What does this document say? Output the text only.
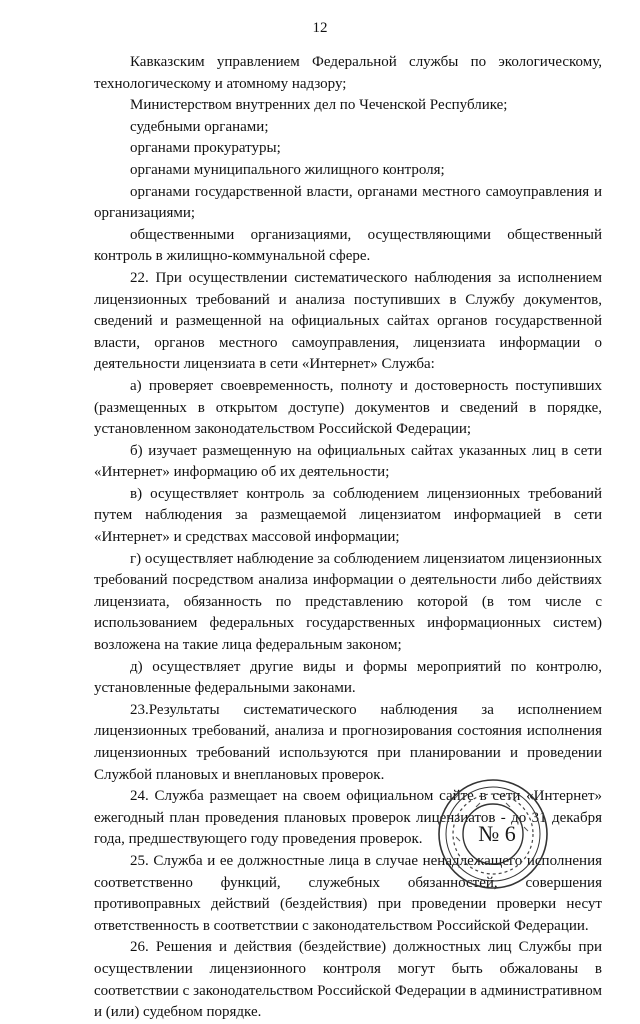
12

Кавказским управлением Федеральной службы по экологическому, технологическому и атомному надзору;

Министерством внутренних дел по Чеченской Республике;

судебными органами;

органами прокуратуры;

органами муниципального жилищного контроля;

органами государственной власти, органами местного самоуправления и организациями;

общественными организациями, осуществляющими общественный контроль в жилищно-коммунальной сфере.

22. При осуществлении систематического наблюдения за исполнением лицензионных требований и анализа поступивших в Службу документов, сведений и размещенной на официальных сайтах органов государственной власти, органов местного самоуправления, лицензиата информации о деятельности лицензиата в сети «Интернет» Служба:

а) проверяет своевременность, полноту и достоверность поступивших (размещенных в открытом доступе) документов и сведений в порядке, установленном законодательством Российской Федерации;

б) изучает размещенную на официальных сайтах указанных лиц в сети «Интернет» информацию об их деятельности;

в) осуществляет контроль за соблюдением лицензионных требований путем наблюдения за размещаемой лицензиатом информацией в сети «Интернет» и средствах массовой информации;

г) осуществляет наблюдение за соблюдением лицензиатом лицензионных требований посредством анализа информации о деятельности либо действиях лицензиата, обязанность по представлению которой (в том числе с использованием федеральных государственных информационных систем) возложена на такие лица федеральным законом;

д) осуществляет другие виды и формы мероприятий по контролю, установленные федеральными законами.

23.Результаты систематического наблюдения за исполнением лицензионных требований, анализа и прогнозирования состояния исполнения лицензионных требований используются при планировании и проведении Службой плановых и внеплановых проверок.

24. Служба размещает на своем официальном сайте в сети «Интернет» ежегодный план проведения плановых проверок лицензиатов - до 31 декабря года, предшествующего году проведения проверок.

25. Служба и ее должностные лица в случае ненадлежащего исполнения соответственно функций, служебных обязанностей, совершения противоправных действий (бездействия) при проведении проверки несут ответственность в соответствии с законодательством Российской Федерации.

26. Решения и действия (бездействие) должностных лиц Службы при осуществлении лицензионного контроля могут быть обжалованы в соответствии с законодательством Российской Федерации в административном и (или) судебном порядке.

№ 6
